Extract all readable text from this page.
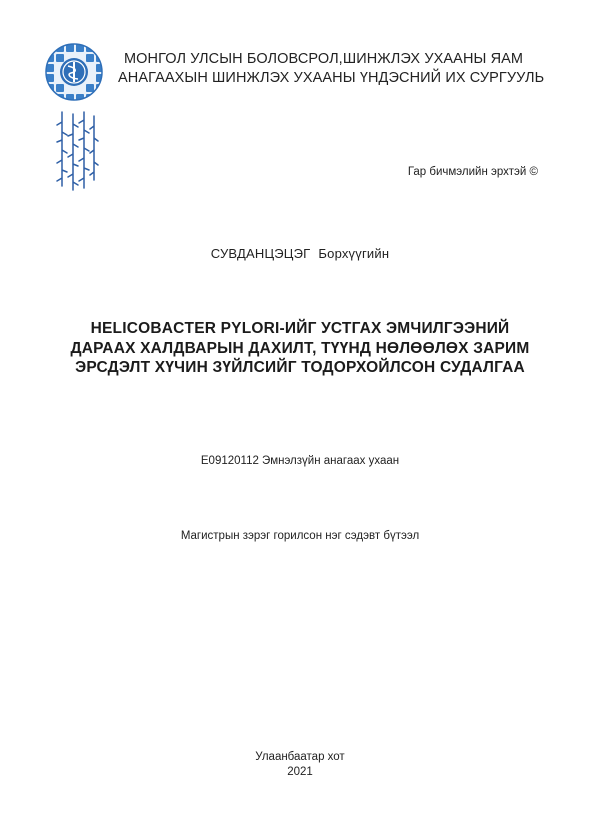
МОНГОЛ УЛСЫН БОЛОВСРОЛ,ШИНЖЛЭХ УХААНЫ ЯАМ
АНАГААХЫН ШИНЖЛЭХ УХААНЫ ҮНДЭСНИЙ ИХ СУРГУУЛЬ
Гар бичмэлийн эрхтэй ©
СУВДАНЦЭЦЭГ Борхүүгийн
HELICOBACTER PYLORI-ИЙГ УСТГАХ ЭМЧИЛГЭЭНИЙ
ДАРААХ ХАЛДВАРЫН ДАХИЛТ, ТҮҮНД НӨЛӨӨЛӨХ ЗАРИМ
ЭРСДЭЛТ ХҮЧИН ЗҮЙЛСИЙГ ТОДОРХОЙЛСОН СУДАЛГАА
E09120112 Эмнэлзүйн анагаах ухаан
Магистрын зэрэг горилсон нэг сэдэвт бүтээл
Улаанбаатар хот
2021
